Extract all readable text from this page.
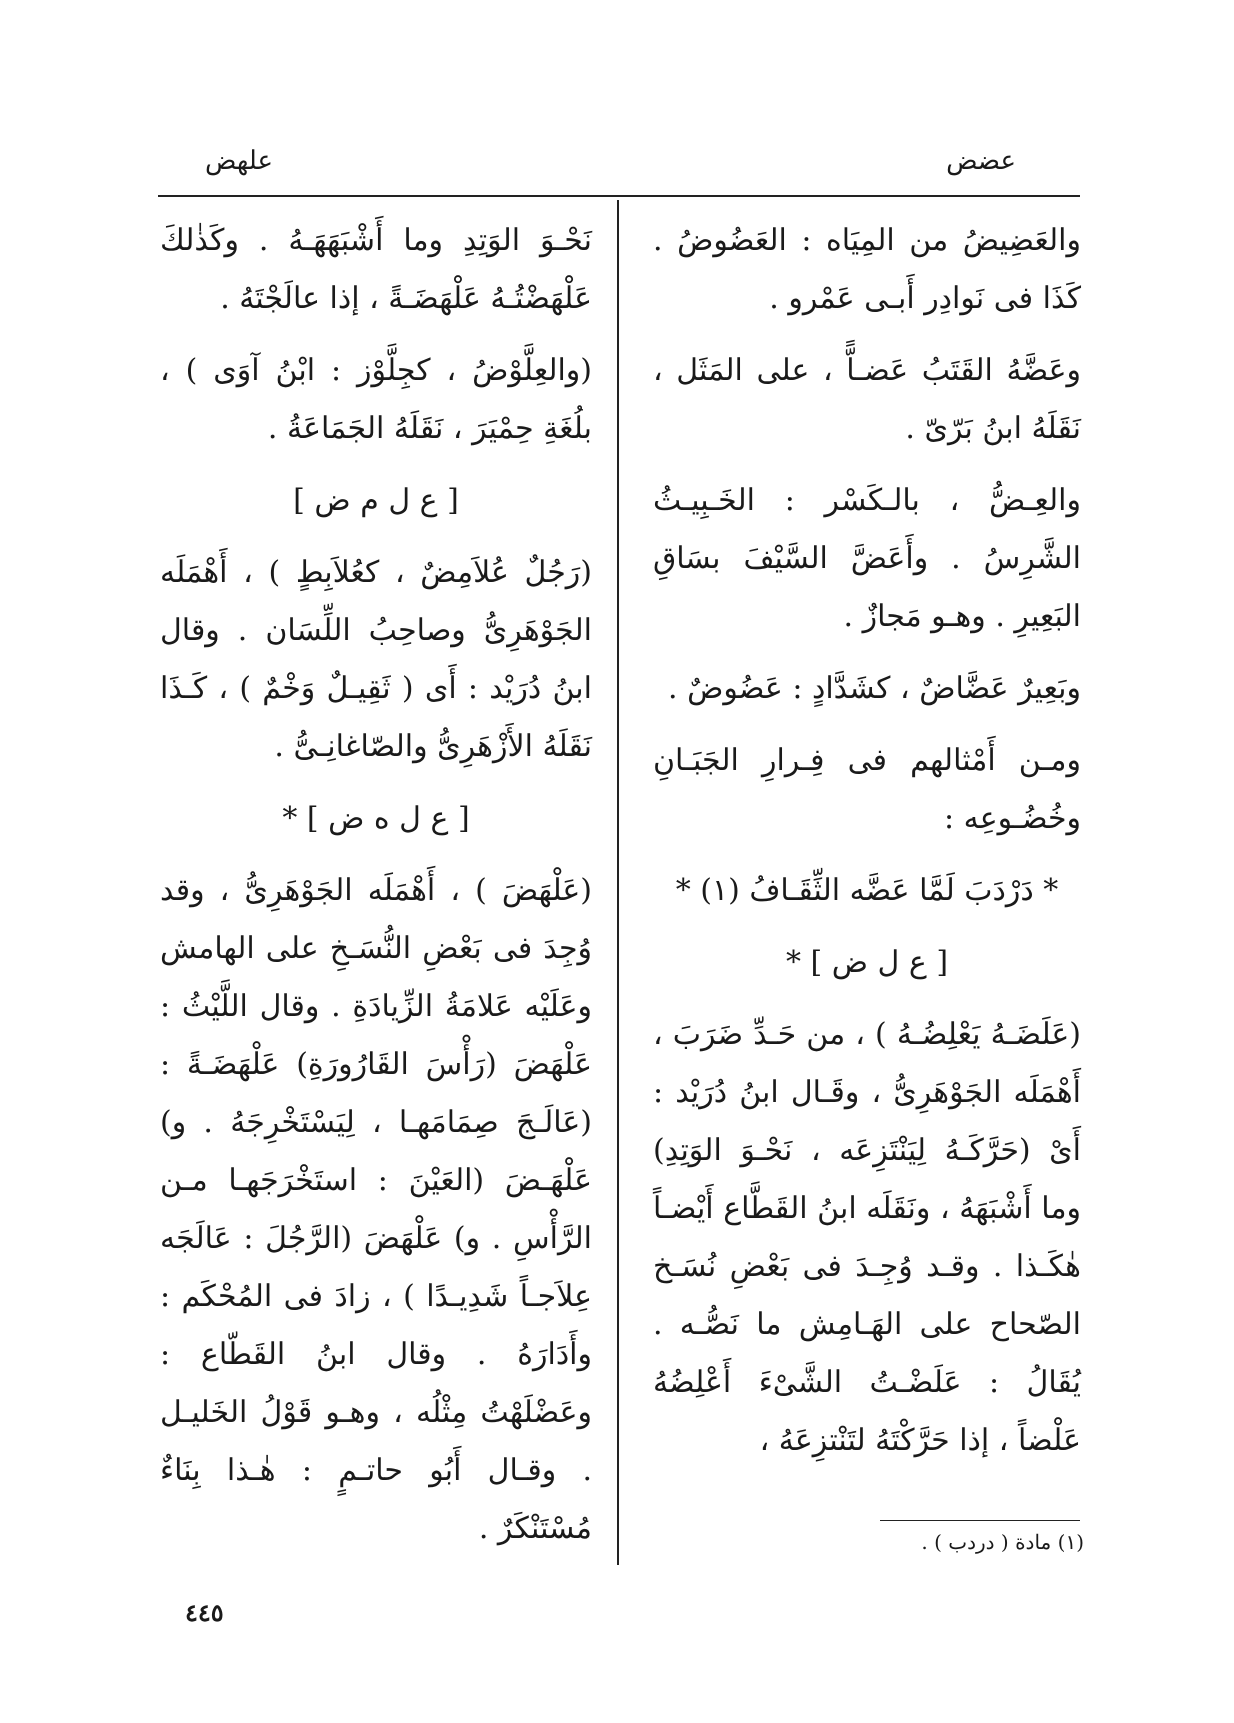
عضض
علهض

والعَضِيضُ من المِيَاه : العَضُوضُ . كَذَا فى نَوادِر أَبـى عَمْرو .

وعَضَّهُ القَتَبُ عَضـاًّ ، على المَثَل ، نَقَلَهُ ابنُ بَرّىّ .

والعِـضُّ ، بالـكَسْر : الخَـبِيـثُ الشَّرِسُ . وأَعَضَّ السَّيْفَ بسَاقِ البَعِيرِ . وهـو مَجازٌ .

وبَعِيرٌ عَضَّاضٌ ، كشَدَّادٍ : عَضُوضٌ .

ومـن أَمْثالهم فى فِـرارِ الجَبَـانِ وخُضُـوعِه :

* دَرْدَبَ لَمَّا عَضَّه الثِّقَـافُ (١) *

[ ع ل ض ] *

(عَلَضَـهُ يَعْلِضُـهُ ) ، من حَـدِّ ضَرَبَ ، أَهْمَلَه الجَوْهَرِىُّ ، وقَـال ابنُ دُرَيْد : أَىْ (حَرَّكَـهُ لِيَنْتَزِعَه ، نَحْـوَ الوَتِدِ) وما أَشْبَهَهُ ، ونَقَلَه ابنُ القَطَّاع أَيْضـاً هٰكَـذا . وقـد وُجِـدَ فى بَعْضِ نُسَـخ الصّحاح على الهَـامِش ما نَصُّـه . يُقَالُ : عَلَضْـتُ الشَّىْءَ أَعْلِضُهُ عَلْضاً ، إذا حَرَّكْتَهُ لتَنْتزِعَهُ ،

نَحْـوَ الوَتِدِ وما أَشْبَهَهَـهُ . وكَذٰلكَ عَلْهَضْتُـهُ عَلْهَضَـةً ، إذا عالَجْتَهُ .

(والعِلَّوْضُ ، كجِلَّوْز : ابْنُ آوَى ) ، بلُغَةِ حِمْيَرَ ، نَقَلَهُ الجَمَاعَةُ .

[ ع ل م ض ]

(رَجُلٌ عُلاَمِضٌ ، كعُلاَبِطٍ ) ، أَهْمَلَه الجَوْهَرِىُّ وصاحِبُ اللِّسَان . وقال ابنُ دُرَيْد : أَى ( ثَقِيـلٌ وَخْمٌ ) ، كَـذَا نَقَلَهُ الأَزْهَرِىُّ والصّاغانِـىُّ .

[ ع ل ه ض ] *

(عَلْهَضَ ) ، أَهْمَلَه الجَوْهَرِىُّ ، وقد وُجِدَ فى بَعْضِ النُّسَـخِ على الهامش وعَلَيْه عَلامَةُ الزِّيادَةِ . وقال اللَّيْثُ : عَلْهَضَ (رَأْسَ القَارُورَةِ) عَلْهَضَـةً : (عَالَـجَ صِمَامَهـا ، لِيَسْتَخْرِجَهُ . و) عَلْهَـضَ (العَيْنَ : استَخْرَجَهـا مـن الرَّأْسِ . و) عَلْهَضَ (الرَّجُلَ : عَالَجَه عِلاَجـاً شَدِيـدًا ) ، زادَ فى المُحْكَم : وأَدَارَهُ . وقال ابنُ القَطّاع : وعَضْلَهْتُ مِثْلُه ، وهـو قَوْلُ الخَليـل . وقـال أَبُو حاتـمٍ : هٰـذا بِنَاءٌ مُسْتَنْكَرٌ .	(١) مادة ( دردب ) .
٤٤٥
